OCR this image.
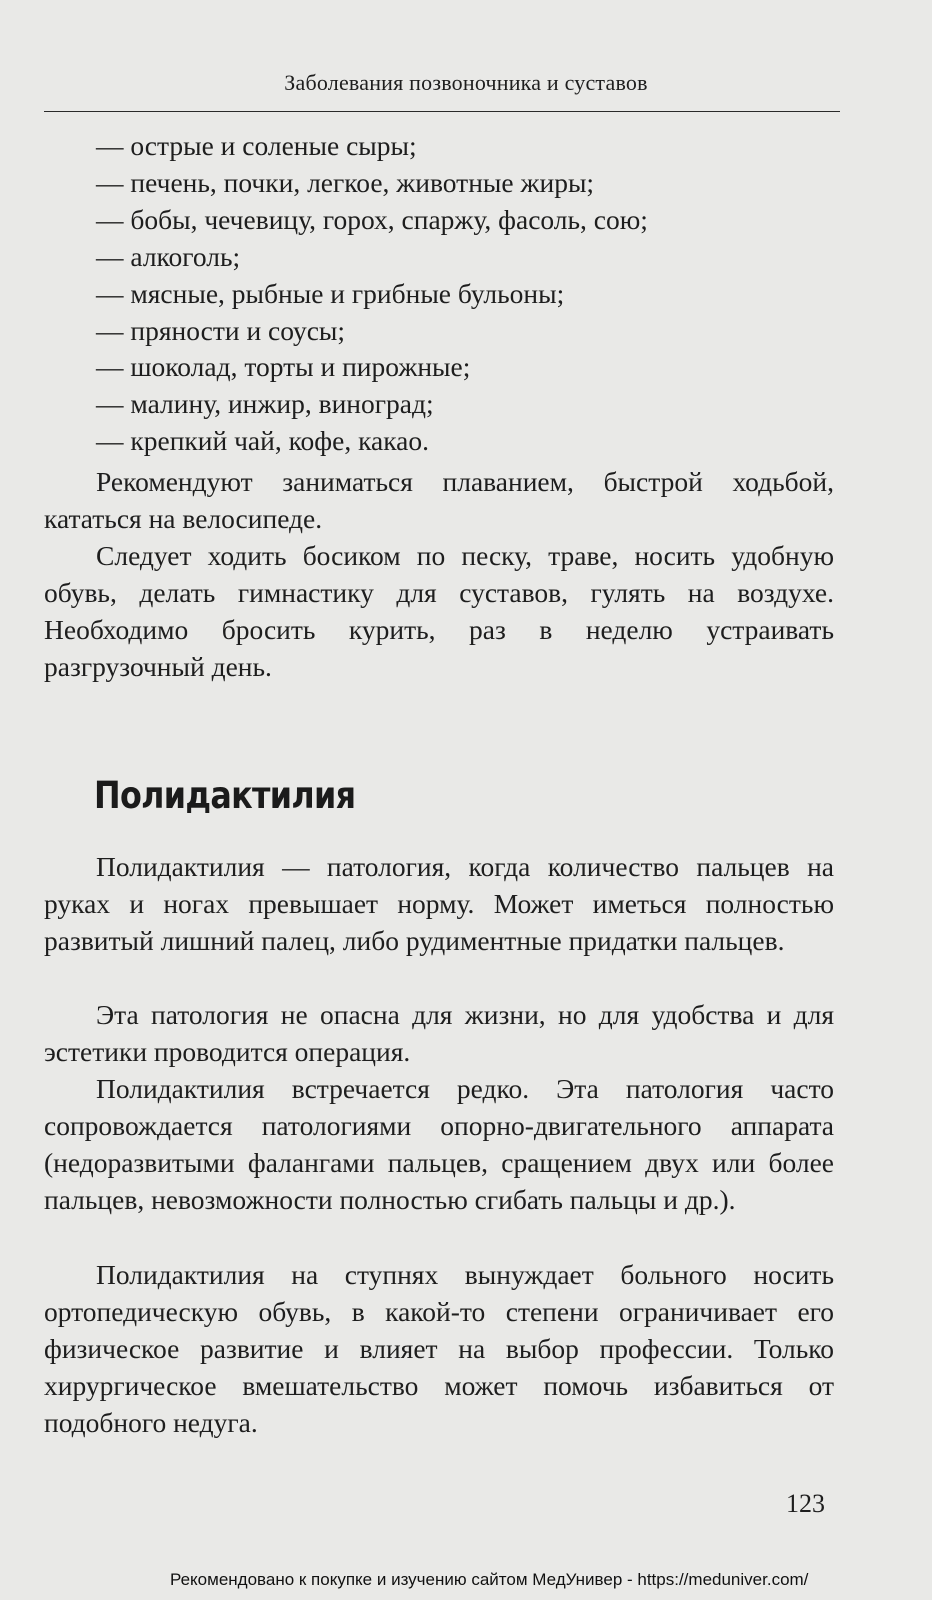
Заболевания позвоночника и суставов
— острые и соленые сыры;
— печень, почки, легкое, животные жиры;
— бобы, чечевицу, горох, спаржу, фасоль, сою;
— алкоголь;
— мясные, рыбные и грибные бульоны;
— пряности и соусы;
— шоколад, торты и пирожные;
— малину, инжир, виноград;
— крепкий чай, кофе, какао.

Рекомендуют заниматься плаванием, быстрой ходьбой, кататься на велосипеде.

Следует ходить босиком по песку, траве, носить удобную обувь, делать гимнастику для суставов, гулять на воздухе. Необходимо бросить курить, раз в неделю устраивать разгрузочный день.

Полидактилия

Полидактилия — патология, когда количество пальцев на руках и ногах превышает норму. Может иметься полностью развитый лишний палец, либо рудиментные придатки пальцев.

Эта патология не опасна для жизни, но для удобства и для эстетики проводится операция.

Полидактилия встречается редко. Эта патология часто сопровождается патологиями опорно-двигательного аппарата (недоразвитыми фалангами пальцев, сращением двух или более пальцев, невозможности полностью сгибать пальцы и др.).

Полидактилия на ступнях вынуждает больного носить ортопедическую обувь, в какой-то степени ограничивает его физическое развитие и влияет на выбор профессии. Только хирургическое вмешательство может помочь избавиться от подобного недуга.

123
Рекомендовано к покупке и изучению сайтом МедУнивер - https://meduniver.com/
